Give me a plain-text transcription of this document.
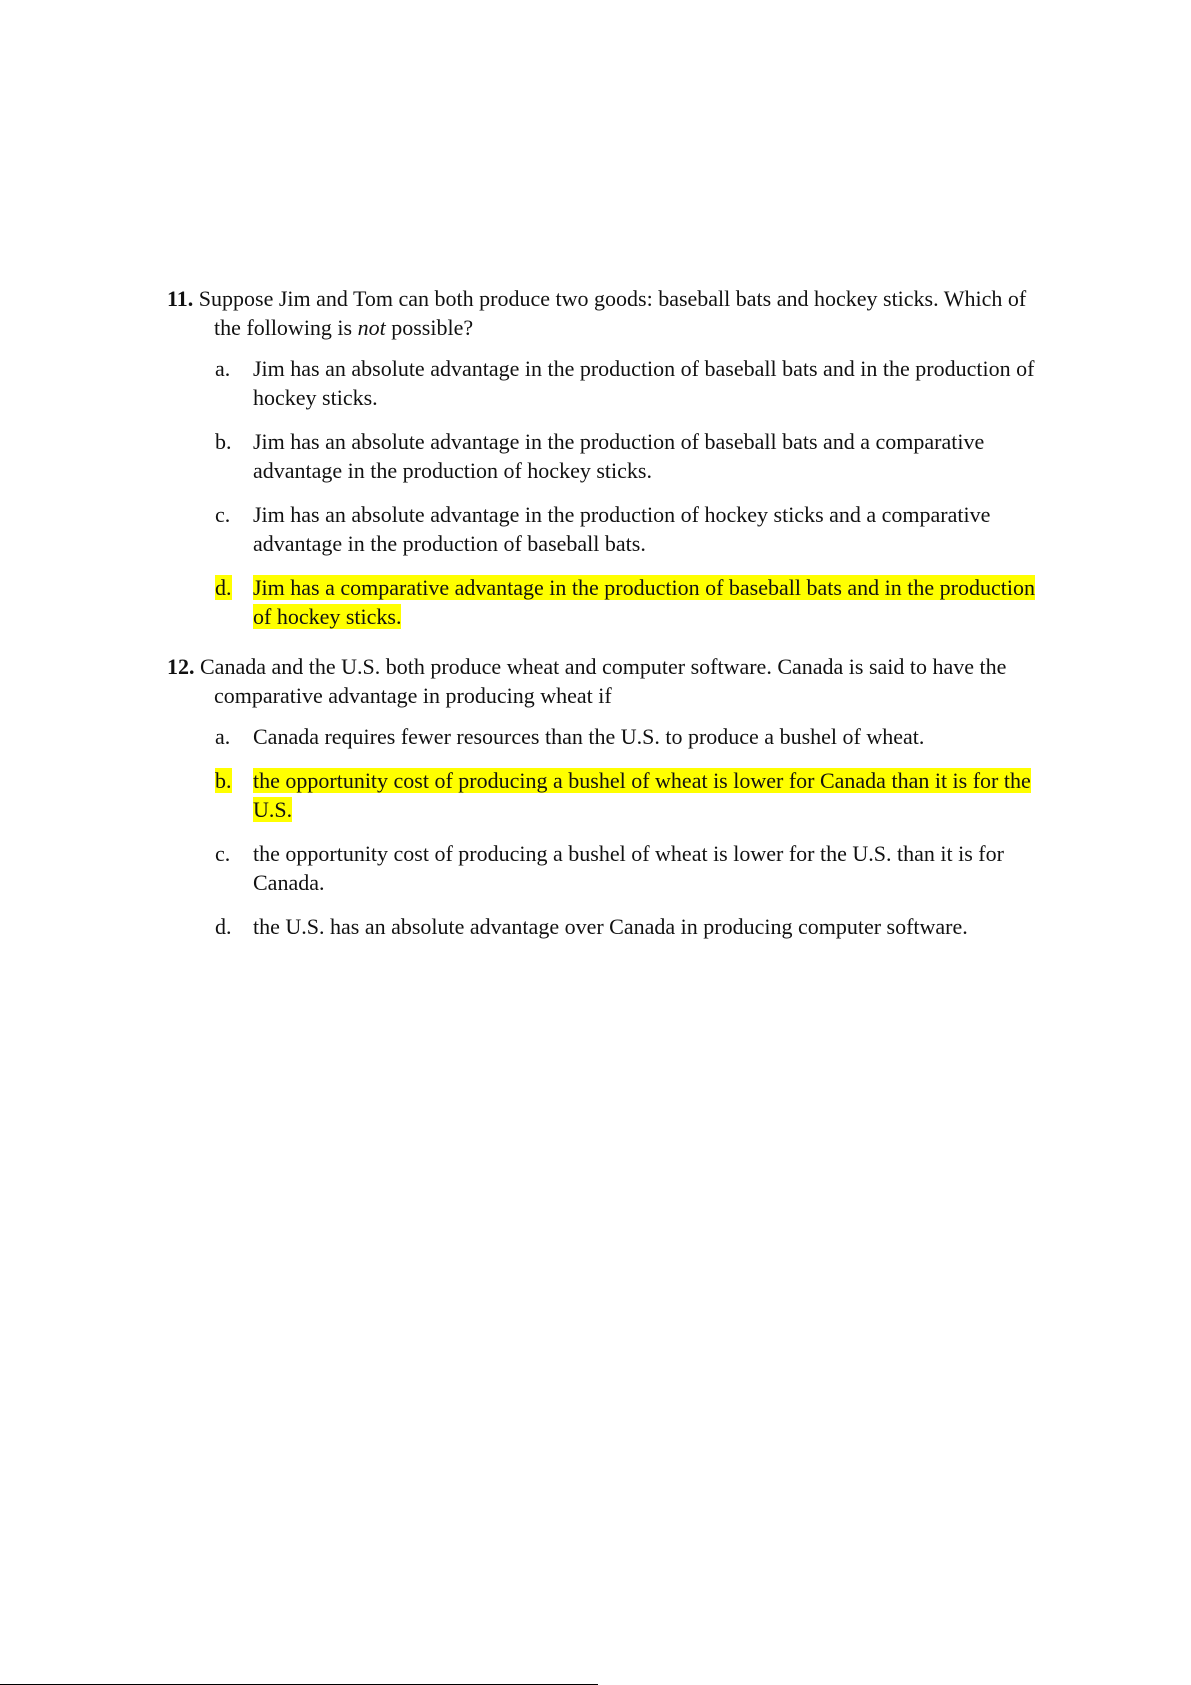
11. Suppose Jim and Tom can both produce two goods: baseball bats and hockey sticks. Which of the following is not possible?

a.	Jim has an absolute advantage in the production of baseball bats and in the production of hockey sticks.
b. Jim has an absolute advantage in the production of baseball bats and a comparative advantage in the production of hockey sticks.
c.	Jim has an absolute advantage in the production of hockey sticks and a comparative advantage in the production of baseball bats.
d. Jim has a comparative advantage in the production of baseball bats and in the production of hockey sticks.

12. Canada and the U.S. both produce wheat and computer software. Canada is said to have the comparative advantage in producing wheat if

a.	Canada requires fewer resources than the U.S. to produce a bushel of wheat.
b. the opportunity cost of producing a bushel of wheat is lower for Canada than it is for the U.S.
c.	the opportunity cost of producing a bushel of wheat is lower for the U.S. than it is for Canada.
d. the U.S. has an absolute advantage over Canada in producing computer software.
